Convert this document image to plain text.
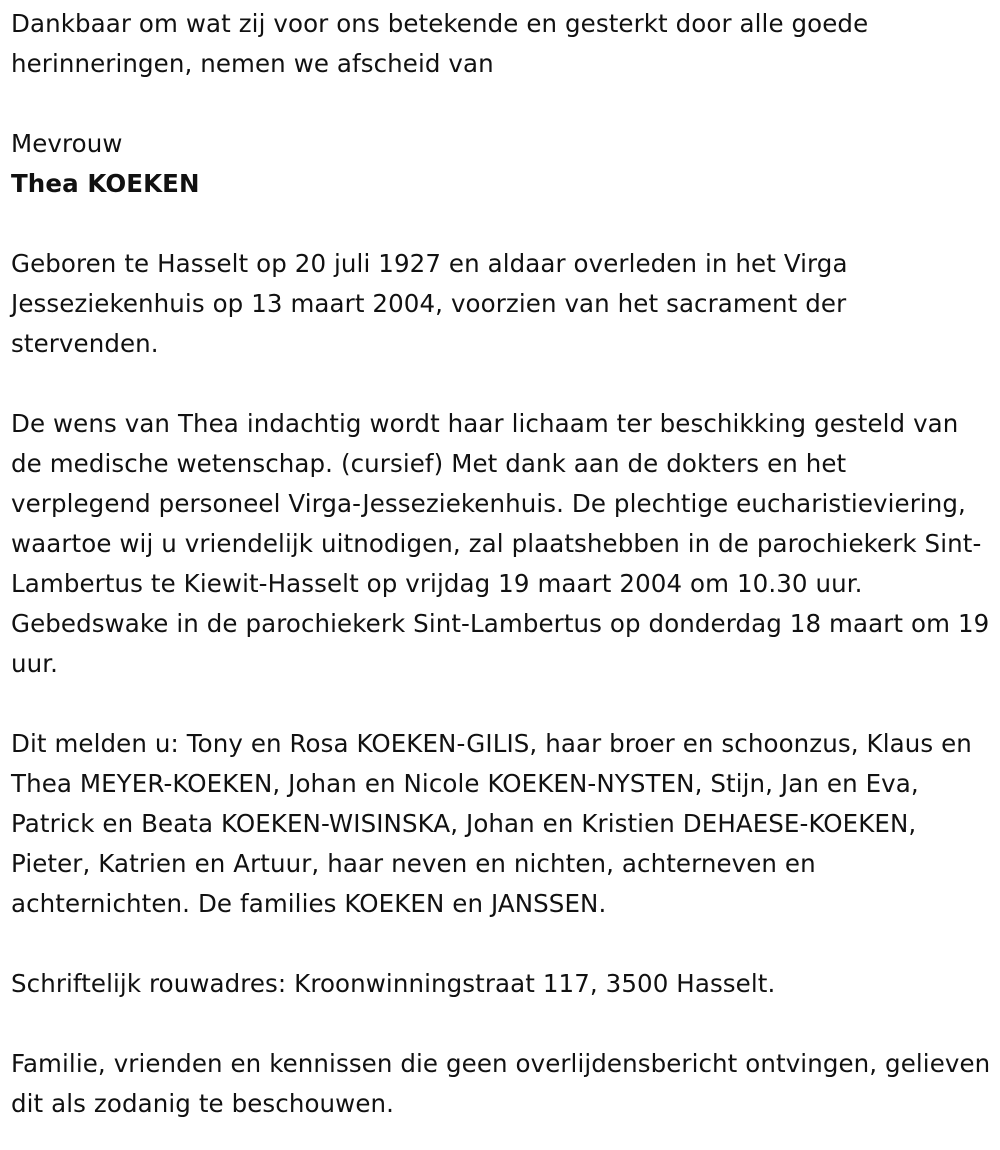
Dankbaar om wat zij voor ons betekende en gesterkt door alle goede herinneringen, nemen we afscheid van

Mevrouw

Thea KOEKEN

Geboren te Hasselt op 20 juli 1927 en aldaar overleden in het Virga Jesseziekenhuis op 13 maart 2004, voorzien van het sacrament der stervenden.

De wens van Thea indachtig wordt haar lichaam ter beschikking gesteld van de medische wetenschap. (cursief) Met dank aan de dokters en het verplegend personeel Virga-Jesseziekenhuis. De plechtige eucharistieviering, waartoe wij u vriendelijk uitnodigen, zal plaatshebben in de parochiekerk Sint-Lambertus te Kiewit-Hasselt op vrijdag 19 maart 2004 om 10.30 uur. Gebedswake in de parochiekerk Sint-Lambertus op donderdag 18 maart om 19 uur.

Dit melden u: Tony en Rosa KOEKEN-GILIS, haar broer en schoonzus, Klaus en Thea MEYER-KOEKEN, Johan en Nicole KOEKEN-NYSTEN, Stijn, Jan en Eva, Patrick en Beata KOEKEN-WISINSKA, Johan en Kristien DEHAESE-KOEKEN, Pieter, Katrien en Artuur, haar neven en nichten, achterneven en achternichten. De families KOEKEN en JANSSEN.

Schriftelijk rouwadres: Kroonwinningstraat 117, 3500 Hasselt.

Familie, vrienden en kennissen die geen overlijdensbericht ontvingen, gelieven dit als zodanig te beschouwen.
